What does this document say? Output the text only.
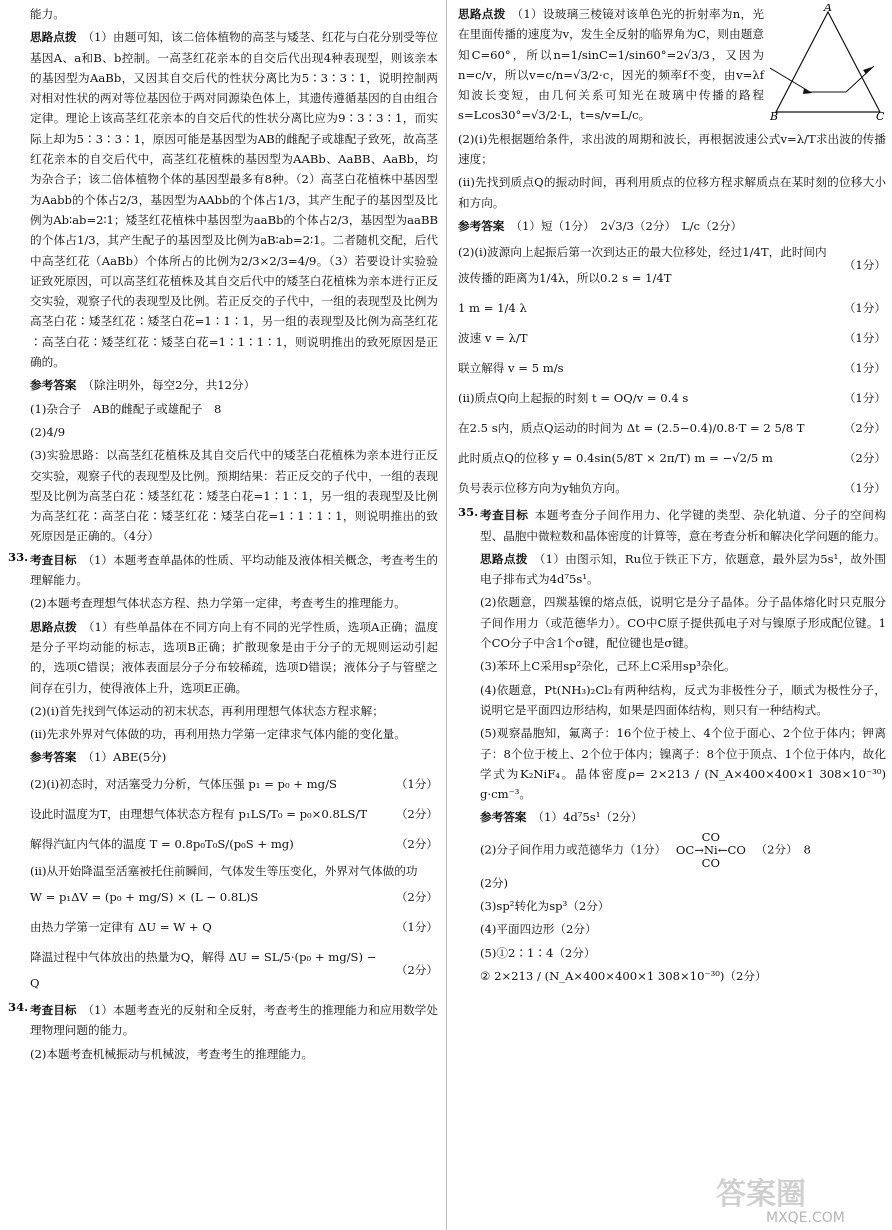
能力。

思路点拨 （1）由题可知，该二倍体植物的高茎与矮茎、红花与白花分别受等位基因A、a和B、b控制。一高茎红花亲本的自交后代出现4种表现型，则该亲本的基因型为AaBb，又因其自交后代的性状分离比为5∶3∶3∶1，说明控制两对相对性状的两对等位基因位于两对同源染色体上，其遗传遵循基因的自由组合定律。理论上该高茎红花亲本的自交后代的性状分离比应为9∶3∶3∶1，而实际上却为5∶3∶3∶1，原因可能是基因型为AB的雌配子或雄配子致死，故高茎红花亲本的自交后代中，高茎红花植株的基因型为AABb、AaBB、AaBb，均为杂合子；该二倍体植物个体的基因型最多有8种。（2）高茎白花植株中基因型为Aabb的个体占2/3，基因型为AAbb的个体占1/3，其产生配子的基因型及比例为Ab∶ab=2∶1；矮茎红花植株中基因型为aaBb的个体占2/3，基因型为aaBB的个体占1/3，其产生配子的基因型及比例为aB∶ab=2∶1。二者随机交配，后代中高茎红花（AaBb）个体所占的比例为2/3×2/3=4/9。（3）若要设计实验验证致死原因，可以高茎红花植株及其自交后代中的矮茎白花植株为亲本进行正反交实验，观察子代的表现型及比例。若正反交的子代中，一组的表现型及比例为高茎白花∶矮茎红花∶矮茎白花=1∶1∶1，另一组的表现型及比例为高茎红花∶高茎白花∶矮茎红花∶矮茎白花=1∶1∶1∶1，则说明推出的致死原因是正确的。

参考答案 （除注明外，每空2分，共12分）

(1)杂合子　AB的雌配子或雄配子　8

(2)4/9

(3)实验思路：以高茎红花植株及其自交后代中的矮茎白花植株为亲本进行正反交实验，观察子代的表现型及比例。预期结果：若正反交的子代中，一组的表现型及比例为高茎白花∶矮茎红花∶矮茎白花=1∶1∶1，另一组的表现型及比例为高茎红花∶高茎白花∶矮茎红花∶矮茎白花=1∶1∶1∶1，则说明推出的致死原因是正确的。（4分）

33. 考查目标 （1）本题考查单晶体的性质、平均动能及液体相关概念，考查考生的理解能力。

(2)本题考查理想气体状态方程、热力学第一定律，考查考生的推理能力。

思路点拨 （1）有些单晶体在不同方向上有不同的光学性质，选项A正确；温度是分子平均动能的标志，选项B正确；扩散现象是由于分子的无规则运动引起的，选项C错误；液体表面层分子分布较稀疏，选项D错误；液体分子与管壁之间存在引力，使得液体上升，选项E正确。

(2)(ⅰ)首先找到气体运动的初末状态，再利用理想气体状态方程求解；

(ⅱ)先求外界对气体做的功，再利用热力学第一定律求气体内能的变化量。

参考答案 （1）ABE(5分)

(2)(ⅰ)初态时，对活塞受力分析，气体压强 p₁ = p₀ + mg/S	（1分）
设此时温度为T，由理想气体状态方程有 p₁LS/T₀ = p₀×0.8LS/T	（2分）
解得汽缸内气体的温度 T = 0.8p₀T₀S/(p₀S + mg)	（2分）

(ⅱ)从开始降温至活塞被托住前瞬间，气体发生等压变化，外界对气体做的功

W = p₁ΔV = (p₀ + mg/S) × (L − 0.8L)S	（2分）
由热力学第一定律有 ΔU = W + Q	（1分）
降温过程中气体放出的热量为Q，解得 ΔU = SL/5·(p₀ + mg/S) − Q
（2分）
34. 考查目标 （1）本题考查光的反射和全反射，考查考生的推理能力和应用数学处理物理问题的能力。

(2)本题考查机械振动与机械波，考查考生的推理能力。

A
B	C

思路点拨 （1）设玻璃三棱镜对该单色光的折射率为n，光在里面传播的速度为v，发生全反射的临界角为C，则由题意知C=60°，所以n=1/sinC=1/sin60°=2√3/3，又因为n=c/v，所以v=c/n=√3/2·c，因光的频率f不变，由v=λf知波长变短，由几何关系可知光在玻璃中传播的路程s=Lcos30°=√3/2·L，t=s/v=L/c。

(2)(ⅰ)先根据题给条件，求出波的周期和波长，再根据波速公式v=λ/T求出波的传播速度；

(ⅱ)先找到质点Q的振动时间，再利用质点的位移方程求解质点在某时刻的位移大小和方向。

参考答案 （1）短（1分）　2√3/3（2分）　L/c（2分）

(2)(ⅰ)波源向上起振后第一次到达正的最大位移处，经过1/4T，此时间内波传播的距离为1/4λ，所以0.2 s = 1/4T
（1分）
1 m = 1/4 λ	（1分）
波速 v = λ/T	（1分）
联立解得 v = 5 m/s	（1分）
(ⅱ)质点Q向上起振的时刻 t = OQ/v = 0.4 s	（1分）
在2.5 s内，质点Q运动的时间为 Δt = (2.5−0.4)/0.8·T = 2 5/8 T	（2分）
此时质点Q的位移 y = 0.4sin(5/8T × 2π/T) m = −√2/5 m	（2分）
负号表示位移方向为y轴负方向。	（1分）
35. 考查目标 本题考查分子间作用力、化学键的类型、杂化轨道、分子的空间构型、晶胞中微粒数和晶体密度的计算等，意在考查分析和解决化学问题的能力。

思路点拨 （1）由图示知，Ru位于铁正下方，依题意，最外层为5s¹，故外围电子排布式为4d⁷5s¹。

(2)依题意，四羰基镍的熔点低，说明它是分子晶体。分子晶体熔化时只克服分子间作用力（或范德华力）。CO中C原子提供孤电子对与镍原子形成配位键。1个CO分子中含1个σ键，配位键也是σ键。

(3)苯环上C采用sp²杂化，己环上C采用sp³杂化。

(4)依题意，Pt(NH₃)₂Cl₂有两种结构，反式为非极性分子，顺式为极性分子，说明它是平面四边形结构，如果是四面体结构，则只有一种结构式。

(5)观察晶胞知，氟离子：16个位于棱上、4个位于面心、2个位于体内；钾离子：8个位于棱上、2个位于体内；镍离子：8个位于顶点、1个位于体内，故化学式为K₂NiF₄。晶体密度ρ= 2×213 / (N_A×400×400×1 308×10⁻³⁰) g·cm⁻³。

参考答案 （1）4d⁷5s¹（2分）

(2)分子间作用力或范德华力（1分）
CO
OC→Ni←CO
CO
（2分）　8

(2分)

(3)sp²转化为sp³（2分）

(4)平面四边形（2分）

(5)①2∶1∶4（2分）

② 2×213 / (N_A×400×400×1 308×10⁻³⁰)（2分）

答案圈
MXQE.COM
